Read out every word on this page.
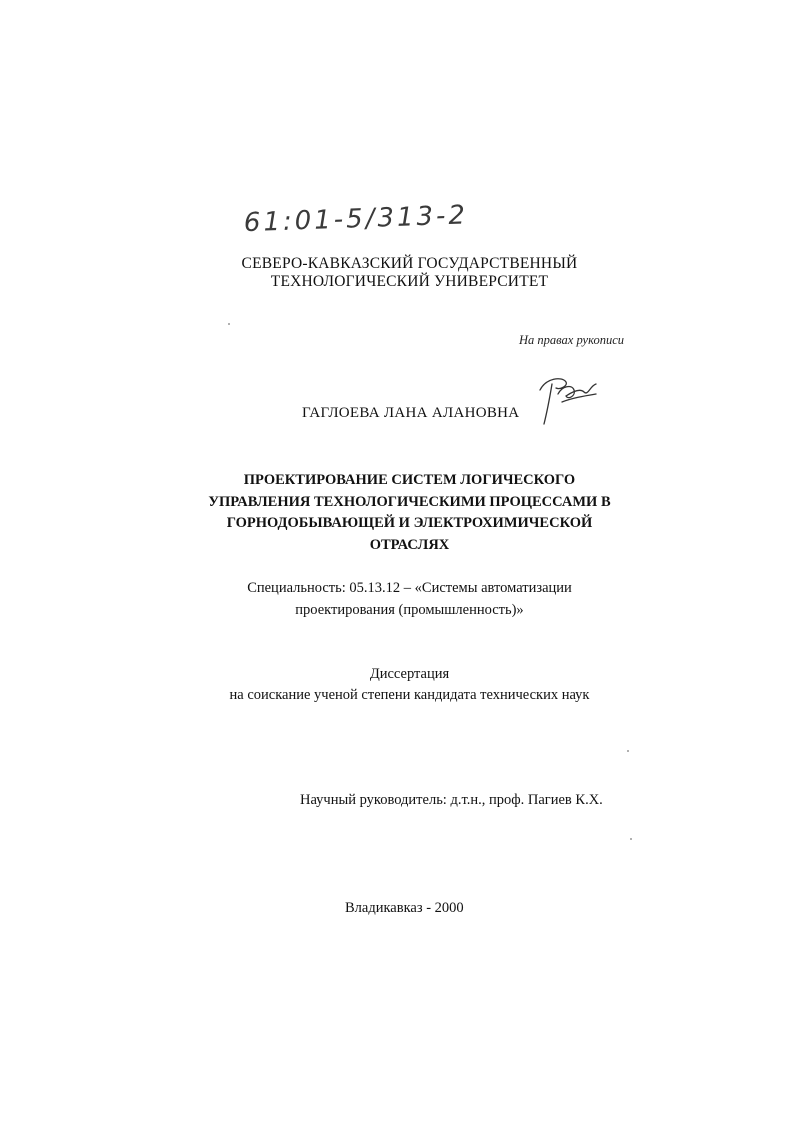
61:01-5/313-2
СЕВЕРО-КАВКАЗСКИЙ ГОСУДАРСТВЕННЫЙ
ТЕХНОЛОГИЧЕСКИЙ УНИВЕРСИТЕТ
На правах рукописи
ГАГЛОЕВА ЛАНА АЛАНОВНА
ПРОЕКТИРОВАНИЕ СИСТЕМ ЛОГИЧЕСКОГО
УПРАВЛЕНИЯ ТЕХНОЛОГИЧЕСКИМИ ПРОЦЕССАМИ В
ГОРНОДОБЫВАЮЩЕЙ И ЭЛЕКТРОХИМИЧЕСКОЙ
ОТРАСЛЯХ
Специальность: 05.13.12 – «Системы автоматизации
проектирования (промышленность)»
Диссертация
на соискание ученой степени кандидата технических наук
Научный руководитель: д.т.н., проф. Пагиев К.Х.
Владикавказ - 2000
